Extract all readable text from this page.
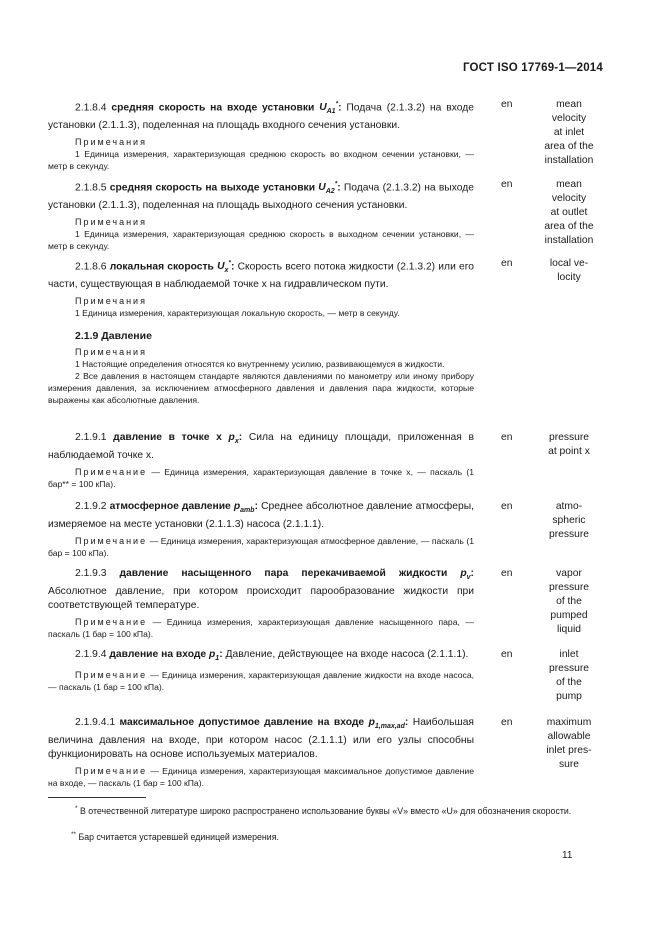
ГОСТ ISO 17769-1—2014
2.1.8.4 средняя скорость на входе установки $U_{A1}^*$: Подача (2.1.3.2) на входе установки (2.1.1.3), поделенная на площадь входного сечения установки.
Примечания

1 Единица измерения, характеризующая среднюю скорость во входном сечении установки, — метр в секунду.

en	mean
velocity
at inlet
area of the
installation
2.1.8.5 средняя скорость на выходе установки $U_{A2}^*$: Подача (2.1.3.2) на выходе установки (2.1.1.3), поделенная на площадь выходного сечения установки.
Примечания

1 Единица измерения, характеризующая среднюю скорость в выходном сечении установки, — метр в секунду.

en	mean
velocity
at outlet
area of the
installation
2.1.8.6 локальная скорость $U_x^*$: Скорость всего потока жидкости (2.1.3.2) или его части, существующая в наблюдаемой точке x на гидравлическом пути.
Примечания

1 Единица измерения, характеризующая локальную скорость, — метр в секунду.

en	local ve-
locity
2.1.9 Давление
Примечания

1 Настоящие определения относятся ко внутреннему усилию, развивающемуся в жидкости.

2 Все давления в настоящем стандарте являются давлениями по манометру или иному прибору измерения давления, за исключением атмосферного давления и давления пара жидкости, которые выражены как абсолютные давления.

2.1.9.1 давление в точке x $p_x$: Сила на единицу площади, приложенная в наблюдаемой точке x.
Примечание — Единица измерения, характеризующая давление в точке x, — паскаль (1 бар** = 100 кПа).
en	pressure
at point x
2.1.9.2 атмосферное давление $p_{amb}$: Среднее абсолютное давление атмосферы, измеряемое на месте установки (2.1.1.3) насоса (2.1.1.1).
Примечание — Единица измерения, характеризующая атмосферное давление, — паскаль (1 бар = 100 кПа).
en	atmo-
spheric
pressure
2.1.9.3 давление насыщенного пара перекачиваемой жидкости $p_v$: Абсолютное давление, при котором происходит парообразование жидкости при соответствующей температуре.
Примечание — Единица измерения, характеризующая давление насыщенного пара, — паскаль (1 бар = 100 кПа).
en	vapor
pressure
of the
pumped
liquid
2.1.9.4 давление на входе $p_1$: Давление, действующее на входе насоса (2.1.1.1).
Примечание — Единица измерения, характеризующая давление жидкости на входе насоса, — паскаль (1 бар = 100 кПа).
en	inlet
pressure
of the
pump
2.1.9.4.1 максимальное допустимое давление на входе $p_{1,max,ad}$: Наибольшая величина давления на входе, при котором насос (2.1.1.1) или его узлы способны функционировать на основе используемых материалов.
Примечание — Единица измерения, характеризующая максимальное допустимое давление на входе, — паскаль (1 бар = 100 кПа).
en	maximum
allowable
inlet pres-
sure
* В отечественной литературе широко распространено использование буквы «V» вместо «U» для обозначения скорости.
** Бар считается устаревшей единицей измерения.
11
